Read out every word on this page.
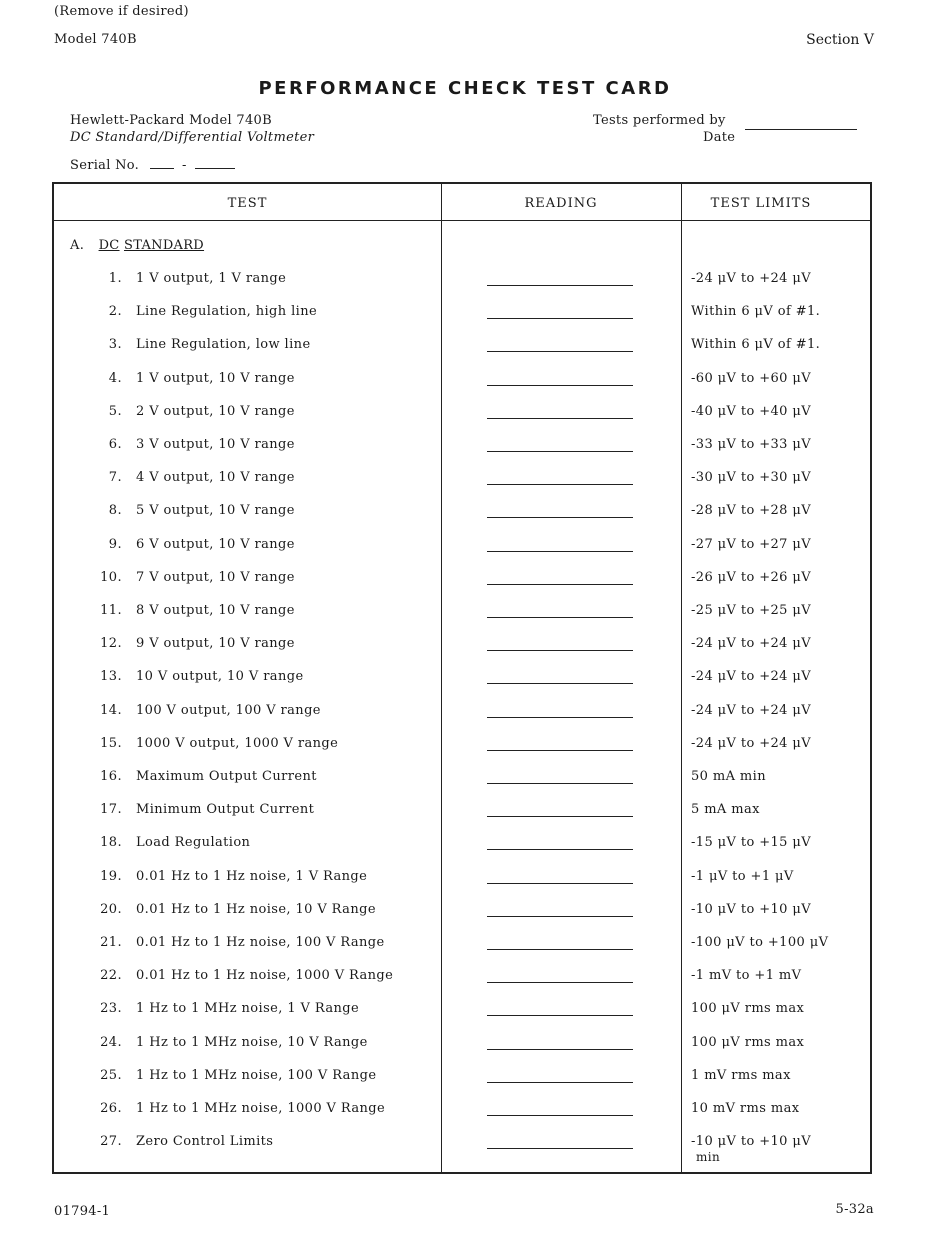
(Remove if desired)
Model 740B	Section V
PERFORMANCE CHECK TEST CARD
Hewlett-Packard Model 740B
DC Standard/Differential Voltmeter
Tests performed by
Date
Serial No.	-
TEST	READING	TEST LIMITS
A. DC STANDARD
1. 1 V output, 1 V range	-24 μV to +24 μV
2. Line Regulation, high line	Within 6 μV of #1.
3. Line Regulation, low line	Within 6 μV of #1.
4. 1 V output, 10 V range	-60 μV to +60 μV
5. 2 V output, 10 V range	-40 μV to +40 μV
6. 3 V output, 10 V range	-33 μV to +33 μV
7. 4 V output, 10 V range	-30 μV to +30 μV
8. 5 V output, 10 V range	-28 μV to +28 μV
9. 6 V output, 10 V range	-27 μV to +27 μV
10. 7 V output, 10 V range	-26 μV to +26 μV
11. 8 V output, 10 V range	-25 μV to +25 μV
12. 9 V output, 10 V range	-24 μV to +24 μV
13. 10 V output, 10 V range	-24 μV to +24 μV
14. 100 V output, 100 V range	-24 μV to +24 μV
15. 1000 V output, 1000 V range	-24 μV to +24 μV
16. Maximum Output Current	50 mA min
17. Minimum Output Current	5 mA max
18. Load Regulation	-15 μV to +15 μV
19. 0.01 Hz to 1 Hz noise, 1 V Range	-1 μV to +1 μV
20. 0.01 Hz to 1 Hz noise, 10 V Range	-10 μV to +10 μV
21. 0.01 Hz to 1 Hz noise, 100 V Range	-100 μV to +100 μV
22. 0.01 Hz to 1 Hz noise, 1000 V Range	-1 mV to +1 mV
23. 1 Hz to 1 MHz noise, 1 V Range	100 μV rms max
24. 1 Hz to 1 MHz noise, 10 V Range	100 μV rms max
25. 1 Hz to 1 MHz noise, 100 V Range	1 mV rms max
26. 1 Hz to 1 MHz noise, 1000 V Range	10 mV rms max
27. Zero Control Limits	-10 μV to +10 μV
min
01794-1	5-32a
